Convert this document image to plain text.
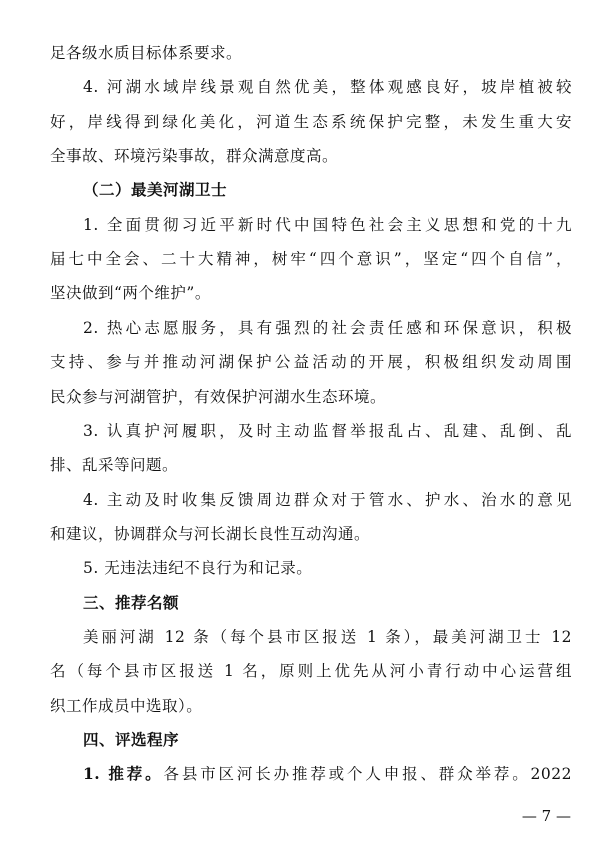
足各级水质目标体系要求。
4. 河湖水域岸线景观自然优美，整体观感良好，坡岸植被较
好，岸线得到绿化美化，河道生态系统保护完整，未发生重大安
全事故、环境污染事故，群众满意度高。
（二）最美河湖卫士
1. 全面贯彻习近平新时代中国特色社会主义思想和党的十九
届七中全会、二十大精神，树牢“四个意识”，坚定“四个自信”，
坚决做到“两个维护”。
2. 热心志愿服务，具有强烈的社会责任感和环保意识，积极
支持、参与并推动河湖保护公益活动的开展，积极组织发动周围
民众参与河湖管护，有效保护河湖水生态环境。
3. 认真护河履职，及时主动监督举报乱占、乱建、乱倒、乱
排、乱采等问题。
4. 主动及时收集反馈周边群众对于管水、护水、治水的意见
和建议，协调群众与河长湖长良性互动沟通。
5. 无违法违纪不良行为和记录。
三、推荐名额
美丽河湖 12 条（每个县市区报送 1 条），最美河湖卫士 12
名（每个县市区报送 1 名，原则上优先从河小青行动中心运营组
织工作成员中选取）。
四、评选程序
1. 推荐。各县市区河长办推荐或个人申报、群众举荐。2022
— 7 —
